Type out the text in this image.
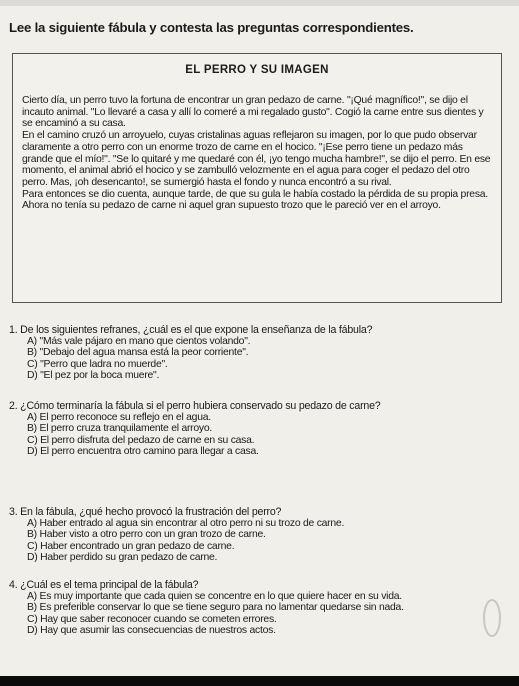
Lee la siguiente fábula y contesta las preguntas correspondientes.
EL PERRO Y SU IMAGEN

Cierto día, un perro tuvo la fortuna de encontrar un gran pedazo de carne. "¡Qué magnífico!", se dijo el incauto animal. "Lo llevaré a casa y allí lo comeré a mi regalado gusto". Cogió la carne entre sus dientes y se encaminó a su casa.

En el camino cruzó un arroyuelo, cuyas cristalinas aguas reflejaron su imagen, por lo que pudo observar claramente a otro perro con un enorme trozo de carne en el hocico. "¡Ese perro tiene un pedazo más grande que el mío!". "Se lo quitaré y me quedaré con él, ¡yo tengo mucha hambre!", se dijo el perro. En ese momento, el animal abrió el hocico y se zambulló velozmente en el agua para coger el pedazo del otro perro. Mas, ¡oh desencanto!, se sumergió hasta el fondo y nunca encontró a su rival.

Para entonces se dio cuenta, aunque tarde, de que su gula le había costado la pérdida de su propia presa. Ahora no tenía su pedazo de carne ni aquel gran supuesto trozo que le pareció ver en el arroyo.

1. De los siguientes refranes, ¿cuál es el que expone la enseñanza de la fábula?
A) "Más vale pájaro en mano que cientos volando".
B) "Debajo del agua mansa está la peor corriente".
C) "Perro que ladra no muerde".
D) "El pez por la boca muere".
2. ¿Cómo terminaría la fábula si el perro hubiera conservado su pedazo de carne?
A) El perro reconoce su reflejo en el agua.
B) El perro cruza tranquilamente el arroyo.
C) El perro disfruta del pedazo de carne en su casa.
D) El perro encuentra otro camino para llegar a casa.
3. En la fábula, ¿qué hecho provocó la frustración del perro?
A) Haber entrado al agua sin encontrar al otro perro ni su trozo de carne.
B) Haber visto a otro perro con un gran trozo de carne.
C) Haber encontrado un gran pedazo de carne.
D) Haber perdido su gran pedazo de carne.
4. ¿Cuál es el tema principal de la fábula?
A) Es muy importante que cada quien se concentre en lo que quiere hacer en su vida.
B) Es preferible conservar lo que se tiene seguro para no lamentar quedarse sin nada.
C) Hay que saber reconocer cuando se cometen errores.
D) Hay que asumir las consecuencias de nuestros actos.
